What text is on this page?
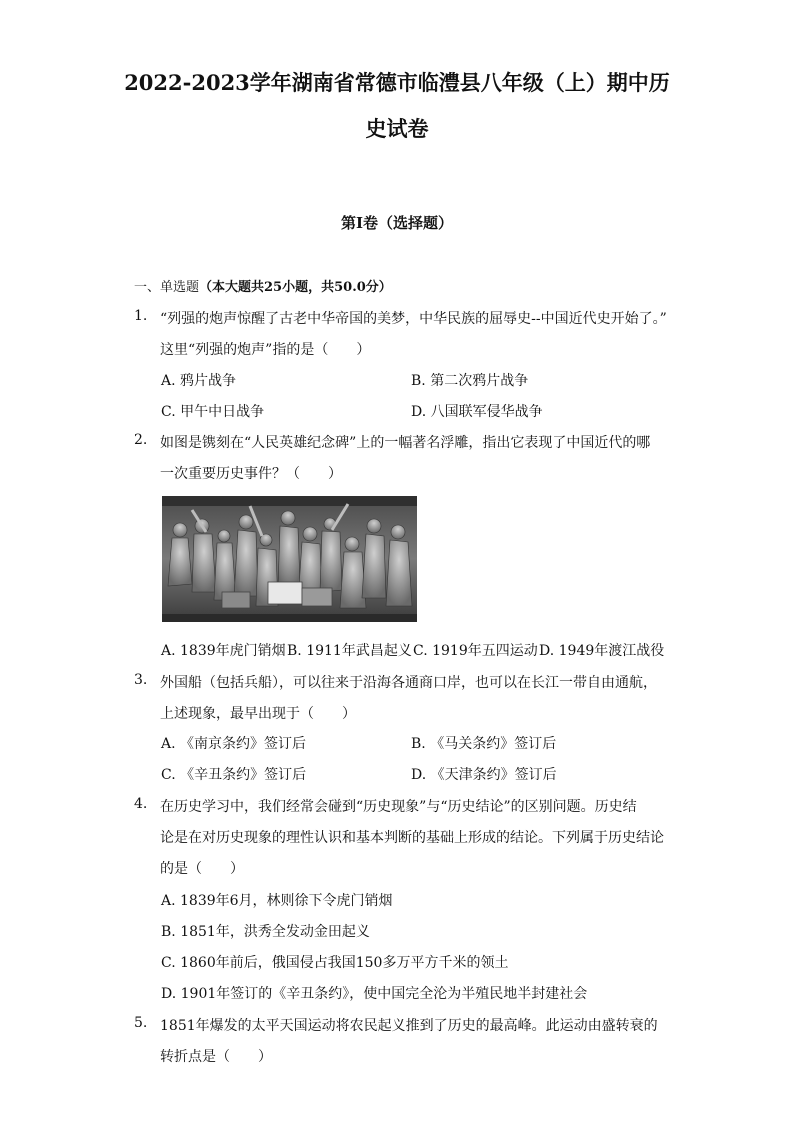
2022-2023学年湖南省常德市临澧县八年级（上）期中历
史试卷
第Ⅰ卷（选择题）
一、单选题（本大题共25小题，共50.0分）
1. “列强的炮声惊醒了古老中华帝国的美梦，中华民族的屈辱史--中国近代史开始了。”
这里“列强的炮声”指的是（　　）
A. 鸦片战争	B. 第二次鸦片战争
C. 甲午中日战争	D. 八国联军侵华战争
2. 如图是镌刻在“人民英雄纪念碑”上的一幅著名浮雕，指出它表现了中国近代的哪
一次重要历史事件？（　　）
A. 1839年虎门销烟 B. 1911年武昌起义 C. 1919年五四运动 D. 1949年渡江战役
3. 外国船（包括兵船），可以往来于沿海各通商口岸，也可以在长江一带自由通航，
上述现象，最早出现于（　　）
A. 《南京条约》签订后	B. 《马关条约》签订后
C. 《辛丑条约》签订后	D. 《天津条约》签订后
4. 在历史学习中，我们经常会碰到“历史现象”与“历史结论”的区别问题。历史结
论是在对历史现象的理性认识和基本判断的基础上形成的结论。下列属于历史结论
的是（　　）
A. 1839年6月，林则徐下令虎门销烟
B. 1851年，洪秀全发动金田起义
C. 1860年前后，俄国侵占我国150多万平方千米的领土
D. 1901年签订的《辛丑条约》，使中国完全沦为半殖民地半封建社会
5. 1851年爆发的太平天国运动将农民起义推到了历史的最高峰。此运动由盛转衰的
转折点是（　　）
